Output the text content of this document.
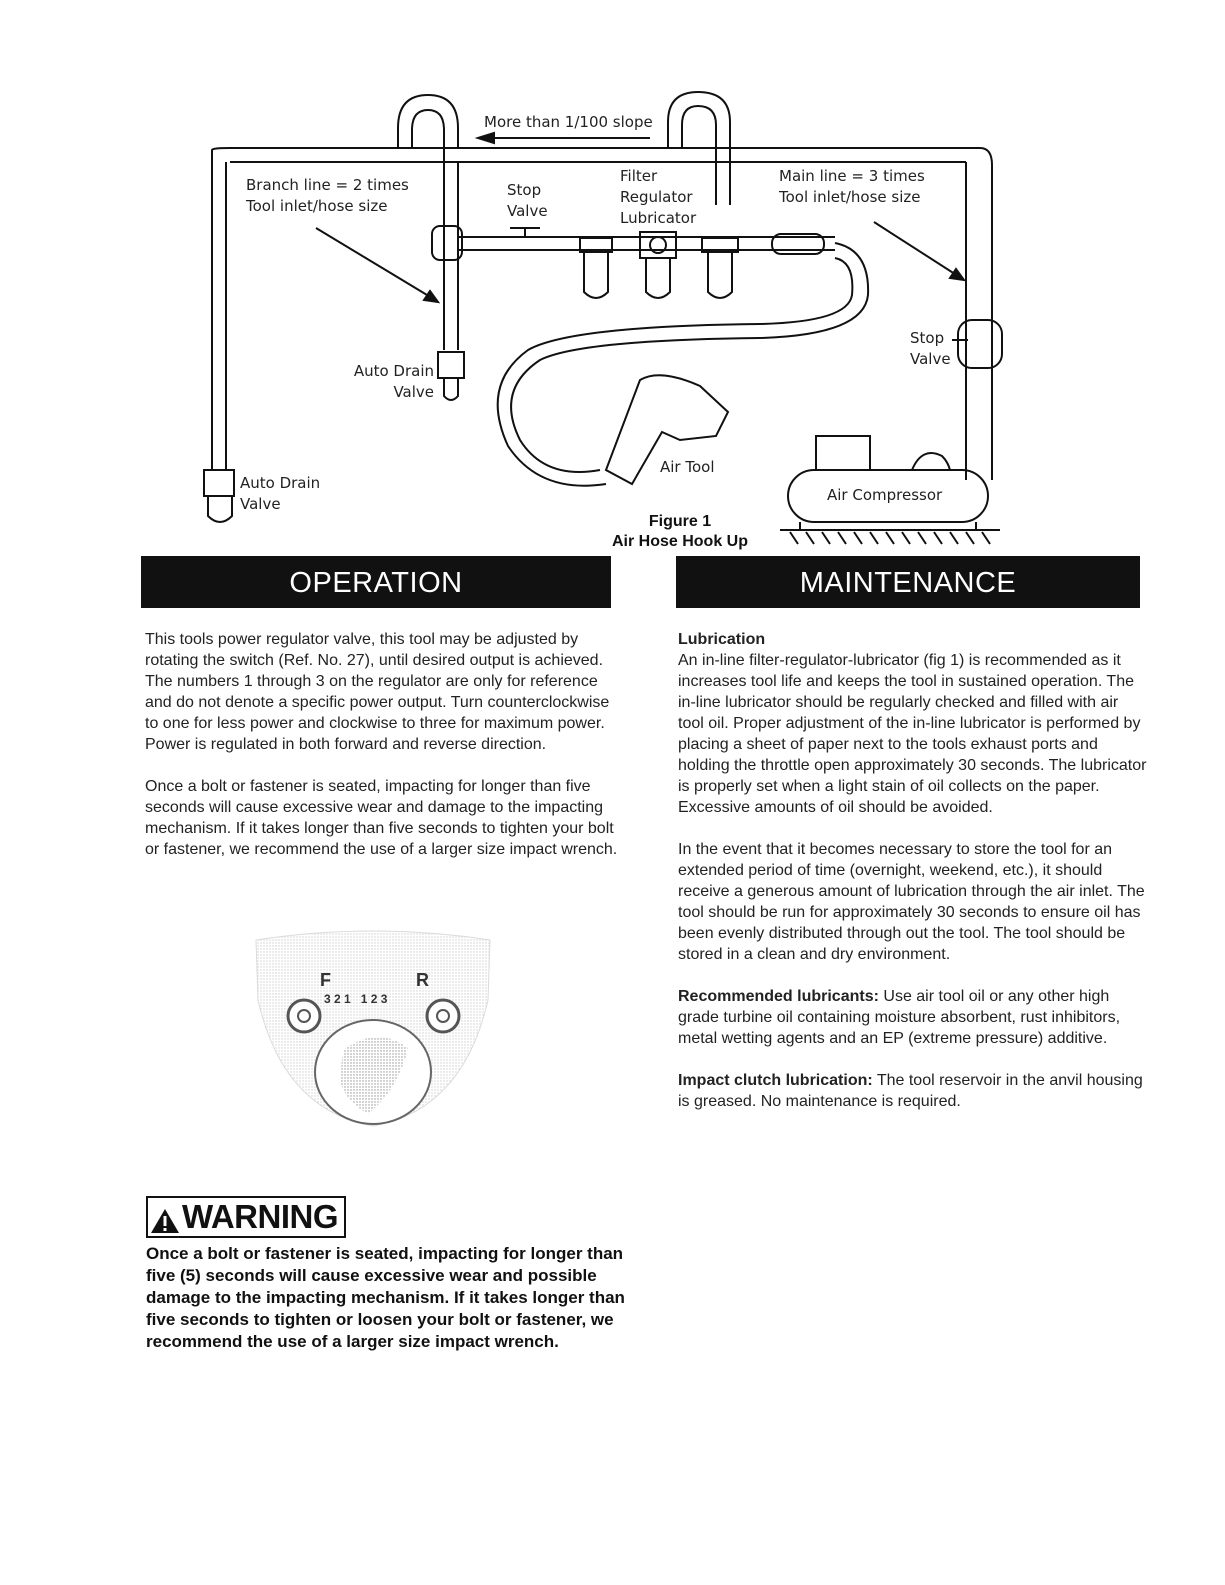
More than 1/100 slope
Branch line = 2 times
Tool inlet/hose size
Stop
Valve
Filter
Regulator
Lubricator
Main line = 3 times
Tool inlet/hose size
Stop
Valve
Auto Drain
Valve
Auto Drain
Valve
Air Tool
Air Compressor
Figure 1
Air Hose Hook Up
OPERATION

This tools power regulator valve, this tool may be adjusted by rotating the switch (Ref. No. 27), until desired output is achieved. The numbers 1 through 3 on the regulator are only for reference and do not denote a specific power output. Turn counterclockwise to one for less power and clockwise to three for maximum power. Power is regulated in both forward and reverse direction.

Once a bolt or fastener is seated, impacting for longer than five seconds will cause excessive wear and damage to the impacting mechanism. If it takes longer than five seconds to tighten your bolt or fastener, we recommend the use of a larger size impact wrench.

F	R
3 2 1   1 2 3
WARNING
Once a bolt or fastener is seated, impacting for longer than five (5) seconds will cause excessive wear and possible damage to the impacting mechanism. If it takes longer than five seconds to tighten or loosen your bolt or fastener, we recommend the use of a larger size impact wrench.
MAINTENANCE
Lubrication

An in-line filter-regulator-lubricator (fig 1) is recommended as it increases tool life and keeps the tool in sustained operation. The in-line lubricator should be regularly checked and filled with air tool oil. Proper adjustment of the in-line lubricator is performed by placing a sheet of paper next to the tools exhaust ports and holding the throttle open approximately 30 seconds. The lubricator is properly set when a light stain of oil collects on the paper. Excessive amounts of oil should be avoided.

In the event that it becomes necessary to store the tool for an extended period of time (overnight, weekend, etc.), it should receive a generous amount of lubrication through the air inlet. The tool should be run for approximately 30 seconds to ensure oil has been evenly distributed through out the tool. The tool should be stored in a clean and dry environment.

Recommended lubricants: Use air tool oil or any other high grade turbine oil containing moisture absorbent, rust inhibitors, metal wetting agents and an EP (extreme pressure) additive.

Impact clutch lubrication: The tool reservoir in the anvil housing is greased. No maintenance is required.
